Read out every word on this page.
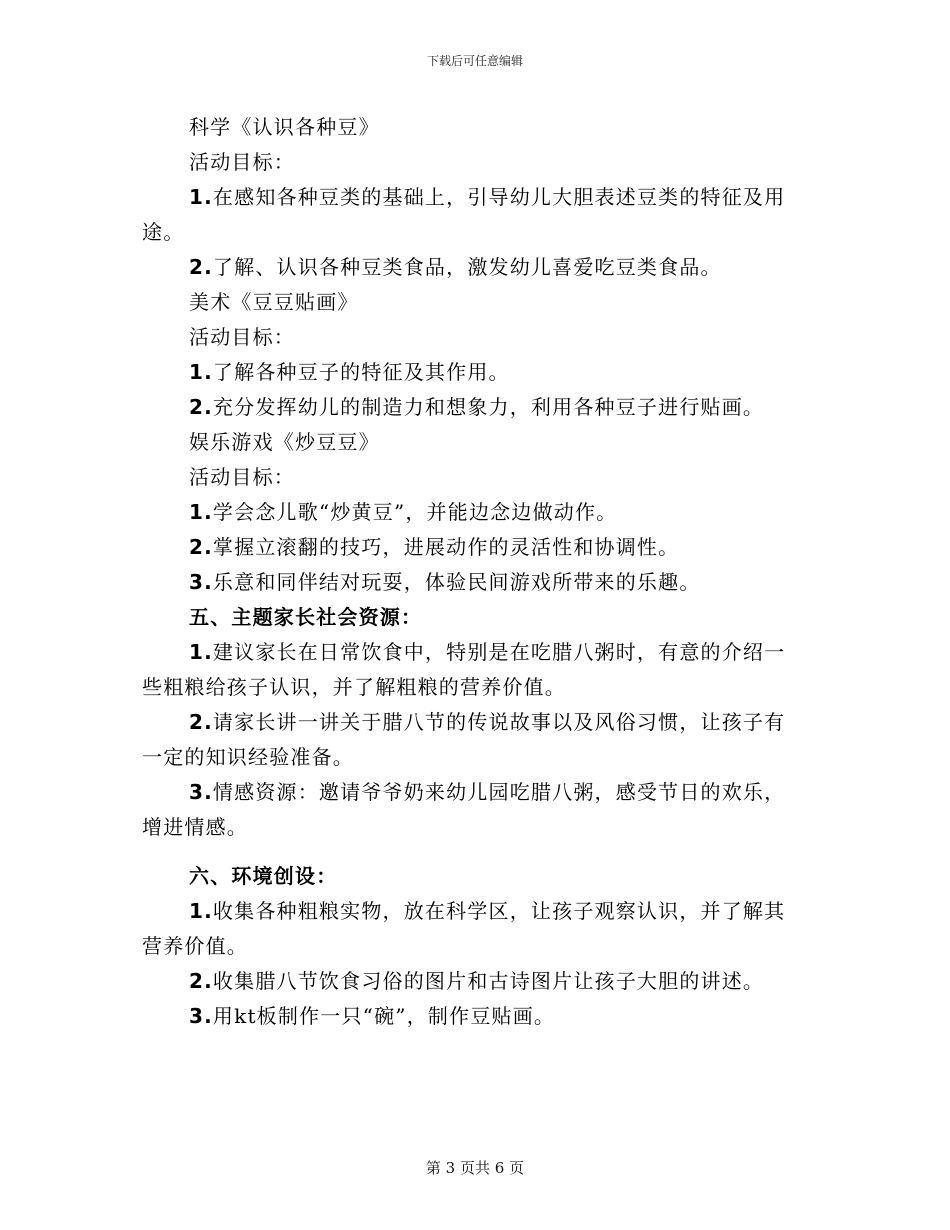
下载后可任意编辑

科学《认识各种豆》

活动目标：

1.在感知各种豆类的基础上，引导幼儿大胆表述豆类的特征及用

途。

2.了解、认识各种豆类食品，激发幼儿喜爱吃豆类食品。

美术《豆豆贴画》

活动目标：

1.了解各种豆子的特征及其作用。

2.充分发挥幼儿的制造力和想象力，利用各种豆子进行贴画。

娱乐游戏《炒豆豆》

活动目标：

1.学会念儿歌“炒黄豆”，并能边念边做动作。

2.掌握立滚翻的技巧，进展动作的灵活性和协调性。

3.乐意和同伴结对玩耍，体验民间游戏所带来的乐趣。

五、主题家长社会资源：

1.建议家长在日常饮食中，特别是在吃腊八粥时，有意的介绍一

些粗粮给孩子认识，并了解粗粮的营养价值。

2.请家长讲一讲关于腊八节的传说故事以及风俗习惯，让孩子有

一定的知识经验准备。

3.情感资源：邀请爷爷奶来幼儿园吃腊八粥，感受节日的欢乐，

增进情感。

六、环境创设：

1.收集各种粗粮实物，放在科学区，让孩子观察认识，并了解其

营养价值。

2.收集腊八节饮食习俗的图片和古诗图片让孩子大胆的讲述。

3.用kt板制作一只“碗”，制作豆贴画。

第 3 页共 6 页
